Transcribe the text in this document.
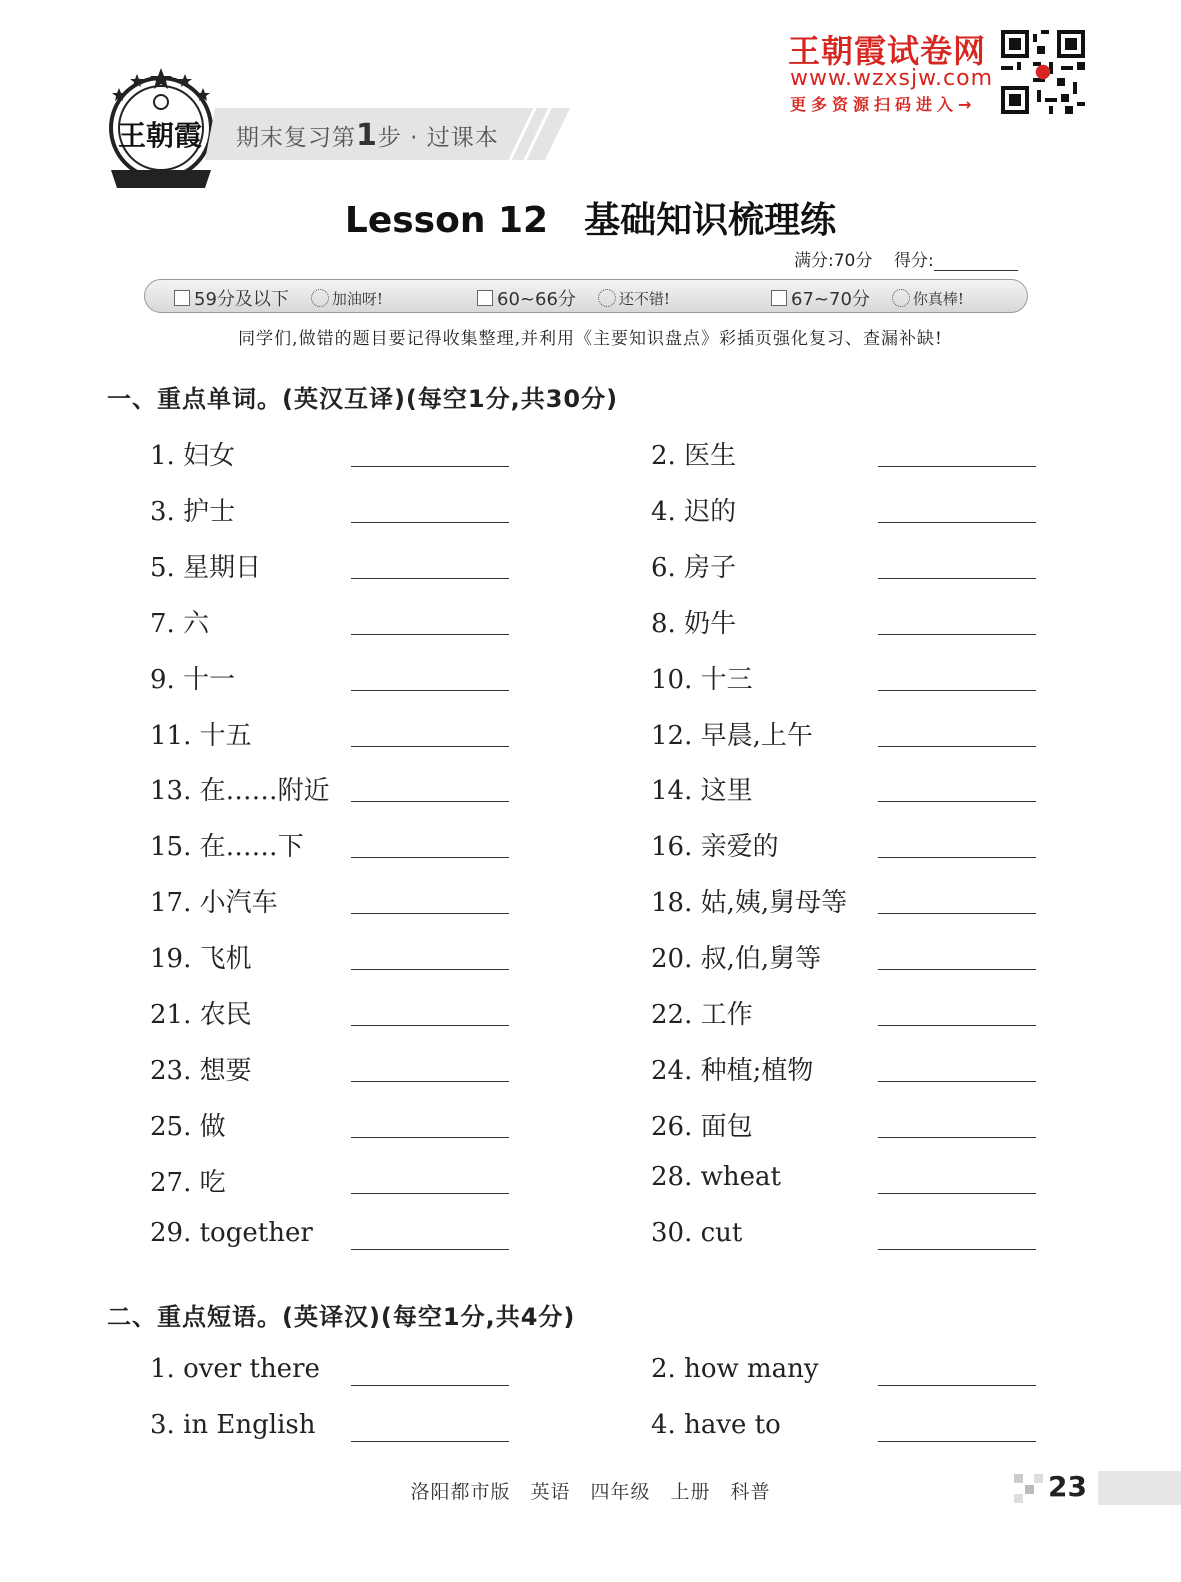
王朝霞 期末复习第1步 · 过课本
王朝霞试卷网
www.wzxsjw.com
更多资源扫码进入→
Lesson 12　基础知识梳理练
满分:70分 得分:
59分及以下	加油呀!	60~66分	还不错!	67~70分	你真棒!
同学们,做错的题目要记得收集整理,并利用《主要知识盘点》彩插页强化复习、查漏补缺!
一、重点单词。(英汉互译)(每空1分,共30分)
1. 妇女	2. 医生
3. 护士	4. 迟的
5. 星期日	6. 房子
7. 六	8. 奶牛
9. 十一	10. 十三
11. 十五	12. 早晨,上午
13. 在……附近	14. 这里
15. 在……下	16. 亲爱的
17. 小汽车	18. 姑,姨,舅母等
19. 飞机	20. 叔,伯,舅等
21. 农民	22. 工作
23. 想要	24. 种植;植物
25. 做	26. 面包
27. 吃	28. wheat
29. together	30. cut
二、重点短语。(英译汉)(每空1分,共4分)
1. over there	2. how many
3. in English	4. have to
洛阳都市版　英语　四年级　上册　科普	23
